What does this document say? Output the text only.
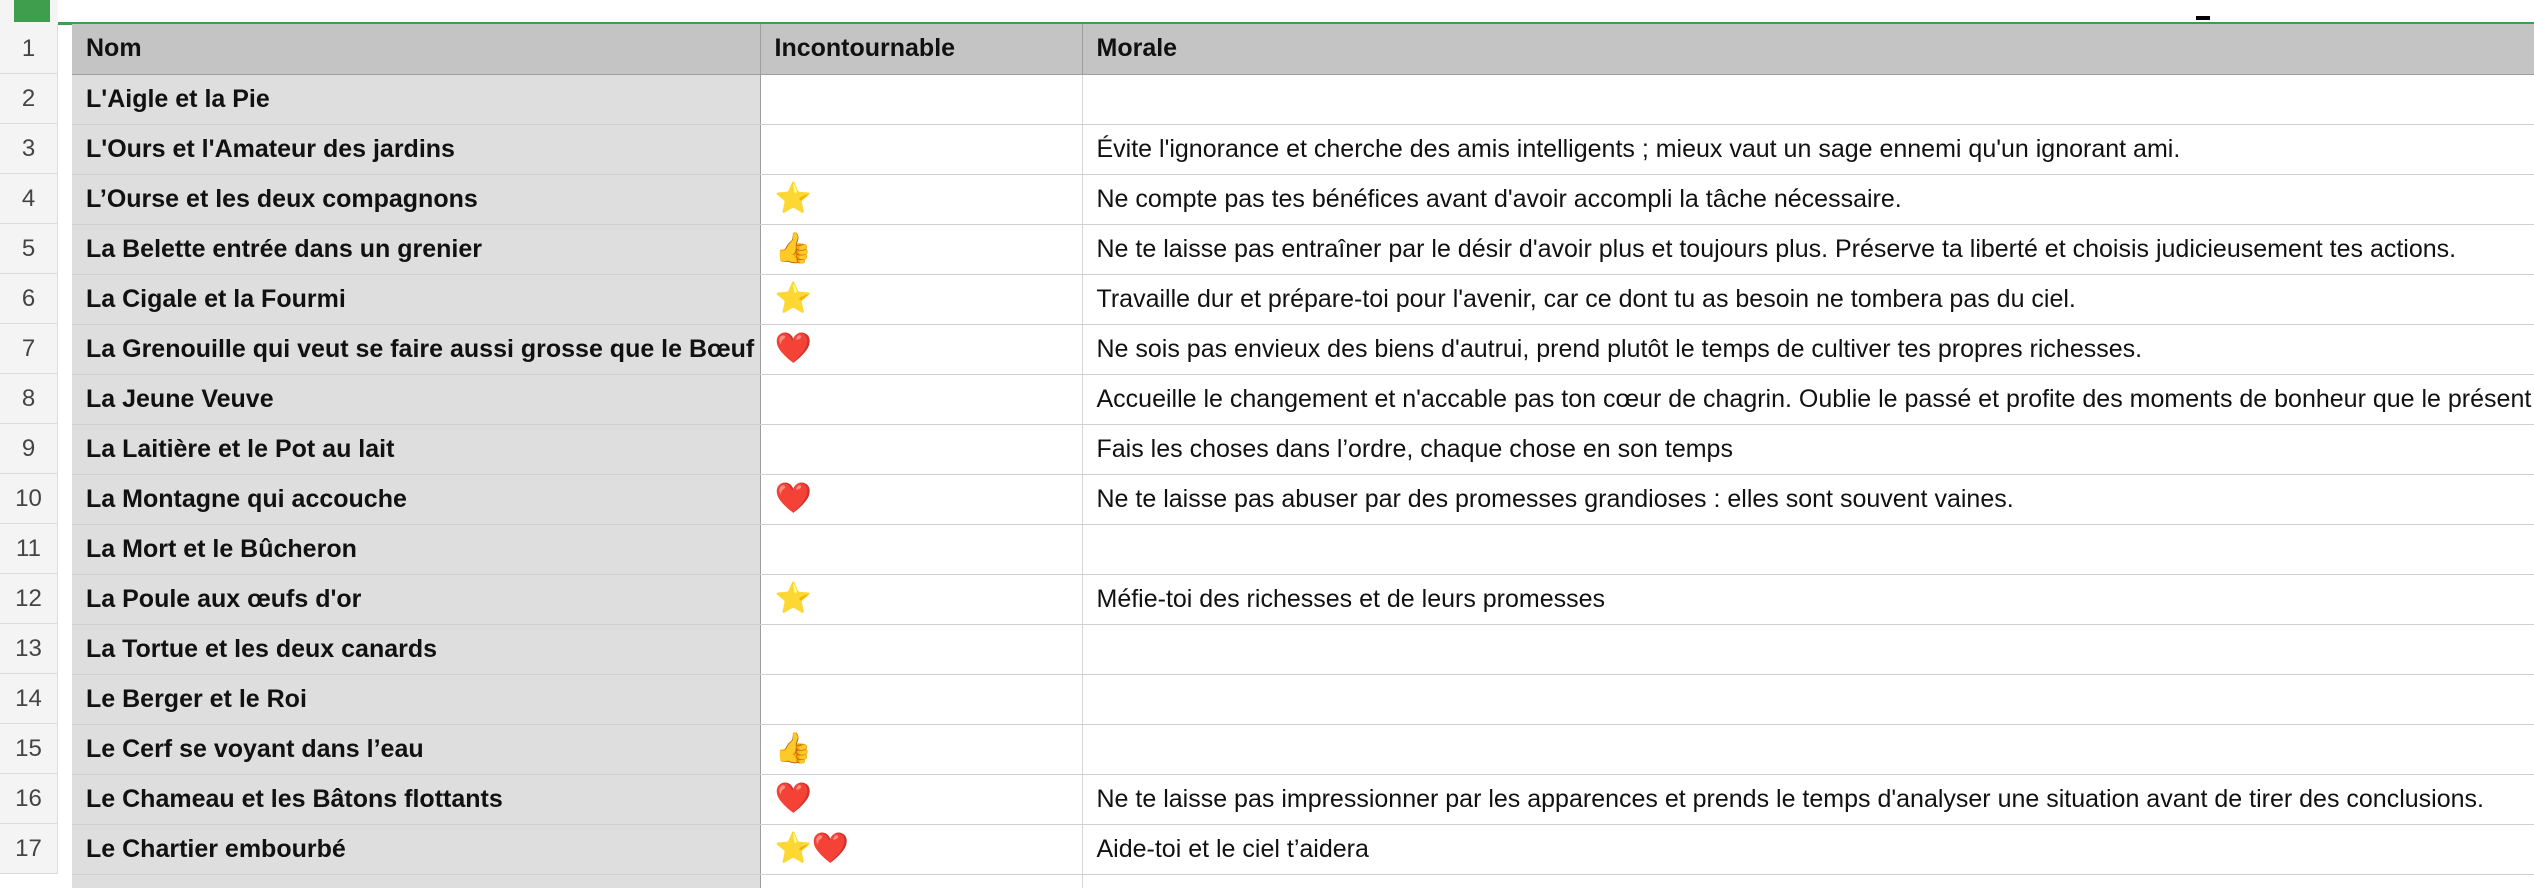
1
2
3
4
5
6
7
8
9
10
11
12
13
14
15
16
17
Nom	Incontournable	Morale
L'Aigle et la Pie		
L'Ours et l'Amateur des jardins		Évite l'ignorance et cherche des amis intelligents ; mieux vaut un sage ennemi qu'un ignorant ami.
L’Ourse et les deux compagnons	⭐	Ne compte pas tes bénéfices avant d'avoir accompli la tâche nécessaire.
La Belette entrée dans un grenier	👍	Ne te laisse pas entraîner par le désir d'avoir plus et toujours plus. Préserve ta liberté et choisis judicieusement tes actions.
La Cigale et la Fourmi	⭐	Travaille dur et prépare-toi pour l'avenir, car ce dont tu as besoin ne tombera pas du ciel.
La Grenouille qui veut se faire aussi grosse que le Bœuf	❤️	Ne sois pas envieux des biens d'autrui, prend plutôt le temps de cultiver tes propres richesses.
La Jeune Veuve		Accueille le changement et n'accable pas ton cœur de chagrin. Oublie le passé et profite des moments de bonheur que le présent
La Laitière et le Pot au lait		Fais les choses dans l’ordre, chaque chose en son temps
La Montagne qui accouche	❤️	Ne te laisse pas abuser par des promesses grandioses : elles sont souvent vaines.
La Mort et le Bûcheron		
La Poule aux œufs d'or	⭐	Méfie-toi des richesses et de leurs promesses
La Tortue et les deux canards		
Le Berger et le Roi		
Le Cerf se voyant dans l’eau	👍	
Le Chameau et les Bâtons flottants	❤️	Ne te laisse pas impressionner par les apparences et prends le temps d'analyser une situation avant de tirer des conclusions.
Le Chartier embourbé	⭐❤️	Aide-toi et le ciel t’aidera
